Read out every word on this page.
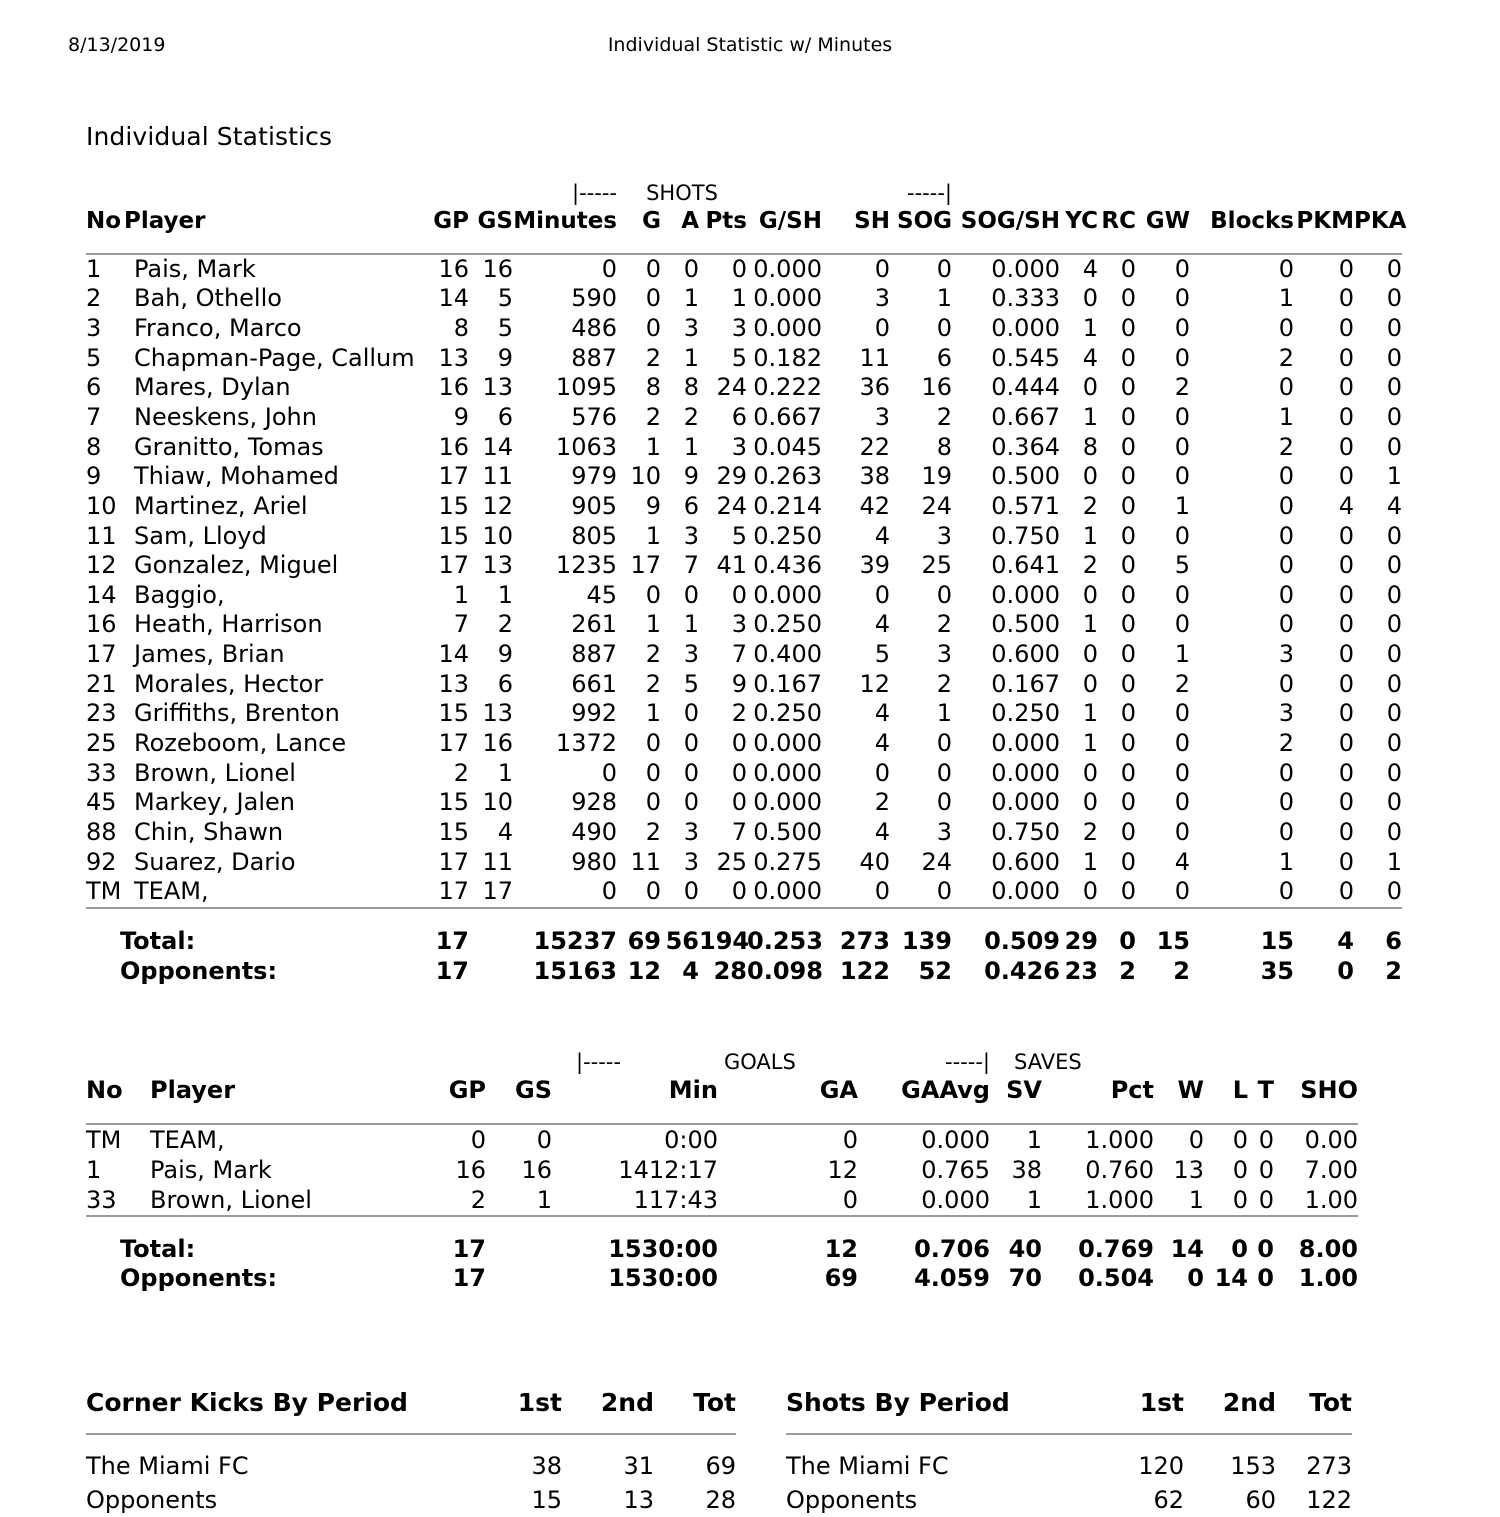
8/13/2019	Individual Statistic w/ Minutes
Individual Statistics
				|-----	SHOTS					-----|							
No	Player	GP	GS	Minutes	G	A	Pts	G/SH	SH	SOG	SOG/SH	YC	RC	GW	Blocks	PKM	PKA

1	Pais, Mark	16	16	0	0	0	0	0.000	0	0	0.000	4	0	0	0	0	0
2	Bah, Othello	14	5	590	0	1	1	0.000	3	1	0.333	0	0	0	1	0	0
3	Franco, Marco	8	5	486	0	3	3	0.000	0	0	0.000	1	0	0	0	0	0
5	Chapman-Page, Callum	13	9	887	2	1	5	0.182	11	6	0.545	4	0	0	2	0	0
6	Mares, Dylan	16	13	1095	8	8	24	0.222	36	16	0.444	0	0	2	0	0	0
7	Neeskens, John	9	6	576	2	2	6	0.667	3	2	0.667	1	0	0	1	0	0
8	Granitto, Tomas	16	14	1063	1	1	3	0.045	22	8	0.364	8	0	0	2	0	0
9	Thiaw, Mohamed	17	11	979	10	9	29	0.263	38	19	0.500	0	0	0	0	0	1
10	Martinez, Ariel	15	12	905	9	6	24	0.214	42	24	0.571	2	0	1	0	4	4
11	Sam, Lloyd	15	10	805	1	3	5	0.250	4	3	0.750	1	0	0	0	0	0
12	Gonzalez, Miguel	17	13	1235	17	7	41	0.436	39	25	0.641	2	0	5	0	0	0
14	Baggio,	1	1	45	0	0	0	0.000	0	0	0.000	0	0	0	0	0	0
16	Heath, Harrison	7	2	261	1	1	3	0.250	4	2	0.500	1	0	0	0	0	0
17	James, Brian	14	9	887	2	3	7	0.400	5	3	0.600	0	0	1	3	0	0
21	Morales, Hector	13	6	661	2	5	9	0.167	12	2	0.167	0	0	2	0	0	0
23	Griffiths, Brenton	15	13	992	1	0	2	0.250	4	1	0.250	1	0	0	3	0	0
25	Rozeboom, Lance	17	16	1372	0	0	0	0.000	4	0	0.000	1	0	0	2	0	0
33	Brown, Lionel	2	1	0	0	0	0	0.000	0	0	0.000	0	0	0	0	0	0
45	Markey, Jalen	15	10	928	0	0	0	0.000	2	0	0.000	0	0	0	0	0	0
88	Chin, Shawn	15	4	490	2	3	7	0.500	4	3	0.750	2	0	0	0	0	0
92	Suarez, Dario	17	11	980	11	3	25	0.275	40	24	0.600	1	0	4	1	0	1
TM	TEAM,	17	17	0	0	0	0	0.000	0	0	0.000	0	0	0	0	0	0

Total:		17		15237	69	56	194	0.253	273	139	0.509	29	0	15	15	4	6
Opponents:		17		15163	12	4	28	0.098	122	52	0.426	23	2	2	35	0	2
				|-----	GOALS	-----|	SAVES					
No	Player	GP	GS	Min	GA	GAAvg	SV	Pct	W	L	T	SHO

TM	TEAM,	0	0	0:00	0	0.000	1	1.000	0	0	0	0.00
1	Pais, Mark	16	16	1412:17	12	0.765	38	0.760	13	0	0	7.00
33	Brown, Lionel	2	1	117:43	0	0.000	1	1.000	1	0	0	1.00

Total:		17		1530:00	12	0.706	40	0.769	14	0	0	8.00
Opponents:		17		1530:00	69	4.059	70	0.504	0	14	0	1.00
Corner Kicks By Period	1st	2nd	Tot

The Miami FC	38	31	69
Opponents	15	13	28
Shots By Period	1st	2nd	Tot

The Miami FC	120	153	273
Opponents	62	60	122
